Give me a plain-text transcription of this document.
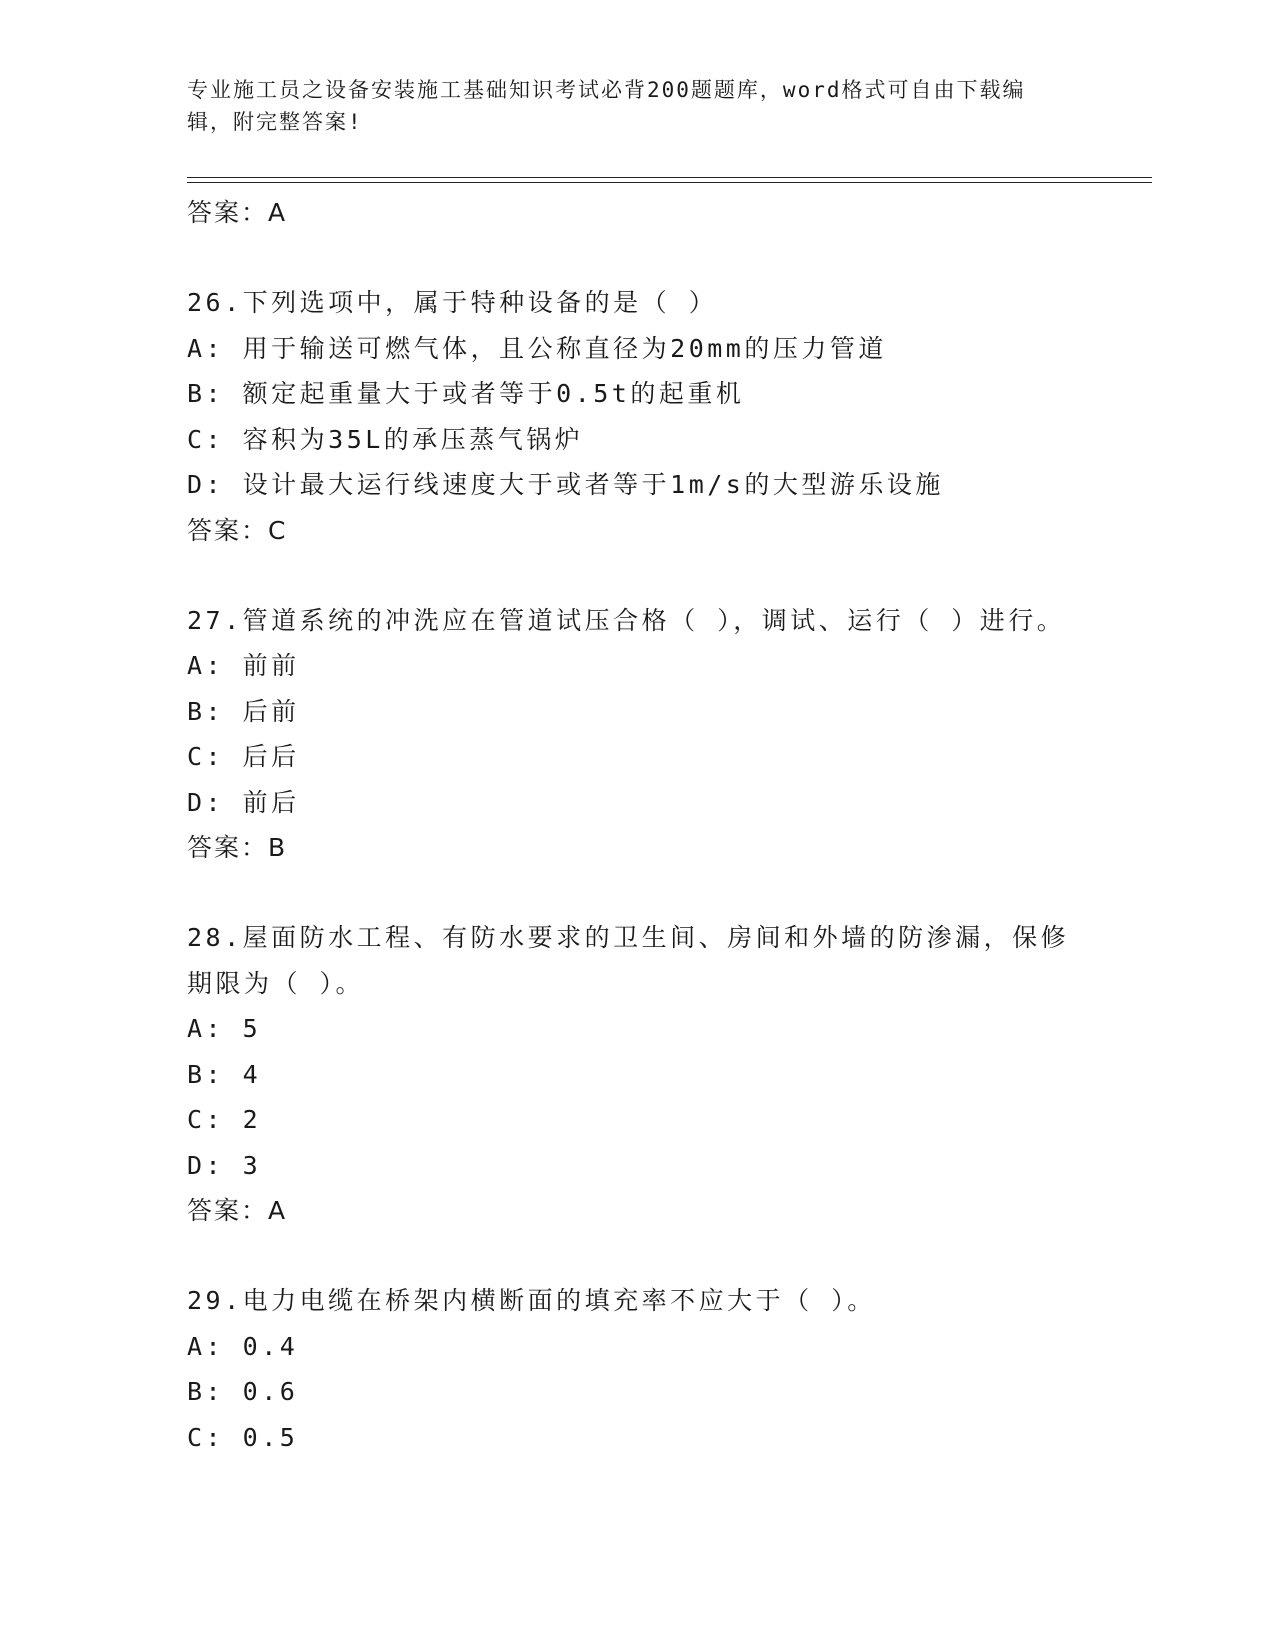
专业施工员之设备安装施工基础知识考试必背200题题库，word格式可自由下载编辑，附完整答案!
答案：A
26.下列选项中，属于特种设备的是（ ）
A: 用于输送可燃气体，且公称直径为20mm的压力管道
B: 额定起重量大于或者等于0.5t的起重机
C: 容积为35L的承压蒸气锅炉
D: 设计最大运行线速度大于或者等于1m/s的大型游乐设施
答案：C
27.管道系统的冲洗应在管道试压合格（ ），调试、运行（ ）进行。
A: 前前
B: 后前
C: 后后
D: 前后
答案：B
28.屋面防水工程、有防水要求的卫生间、房间和外墙的防渗漏，保修期限为（ ）。
A: 5
B: 4
C: 2
D: 3
答案：A
29.电力电缆在桥架内横断面的填充率不应大于（ ）。
A: 0.4
B: 0.6
C: 0.5
